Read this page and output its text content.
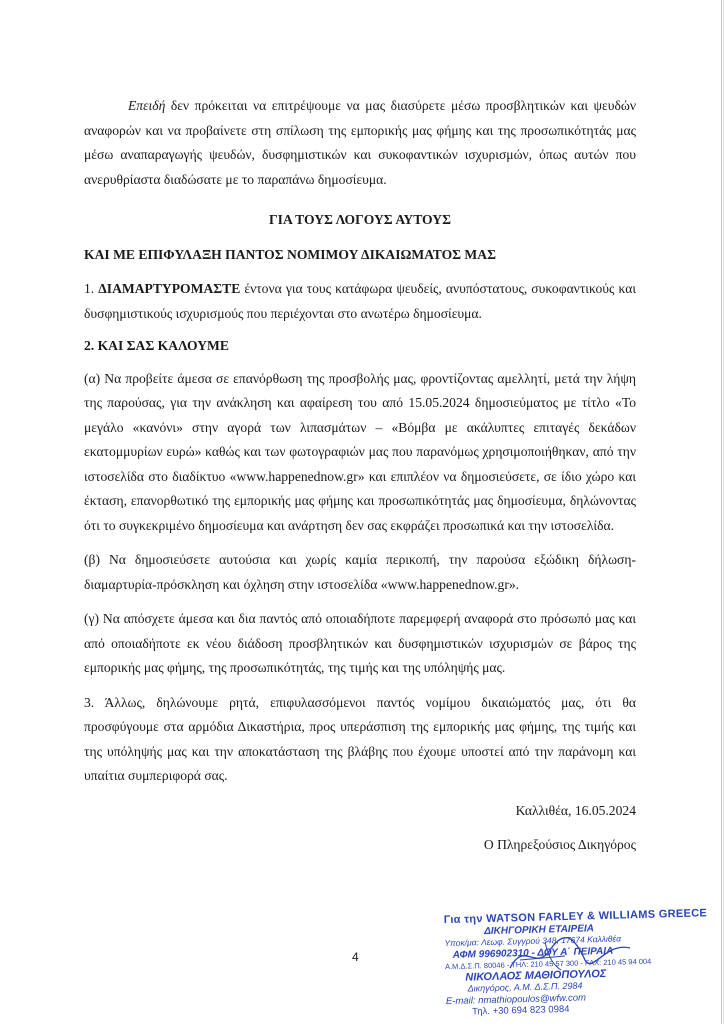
Επειδή δεν πρόκειται να επιτρέψουμε να μας διασύρετε μέσω προσβλητικών και ψευδών αναφορών και να προβαίνετε στη σπίλωση της εμπορικής μας φήμης και της προσωπικότητάς μας μέσω αναπαραγωγής ψευδών, δυσφημιστικών και συκοφαντικών ισχυρισμών, όπως αυτών που ανερυθρίαστα διαδώσατε με το παραπάνω δημοσίευμα.

ΓΙΑ ΤΟΥΣ ΛΟΓΟΥΣ ΑΥΤΟΥΣ

ΚΑΙ ΜΕ ΕΠΙΦΥΛΑΞΗ ΠΑΝΤΟΣ ΝΟΜΙΜΟΥ ΔΙΚΑΙΩΜΑΤΟΣ ΜΑΣ

1. ΔΙΑΜΑΡΤΥΡΟΜΑΣΤΕ έντονα για τους κατάφωρα ψευδείς, ανυπόστατους, συκοφαντικούς και δυσφημιστικούς ισχυρισμούς που περιέχονται στο ανωτέρω δημοσίευμα.

2. ΚΑΙ ΣΑΣ ΚΑΛΟΥΜΕ

(α) Να προβείτε άμεσα σε επανόρθωση της προσβολής μας, φροντίζοντας αμελλητί, μετά την λήψη της παρούσας, για την ανάκληση και αφαίρεση του από 15.05.2024 δημοσιεύματος με τίτλο «Το μεγάλο «κανόνι» στην αγορά των λιπασμάτων – «Βόμβα με ακάλυπτες επιταγές δεκάδων εκατομμυρίων ευρώ» καθώς και των φωτογραφιών μας που παρανόμως χρησιμοποιήθηκαν, από την ιστοσελίδα στο διαδίκτυο «www.happenednow.gr» και επιπλέον να δημοσιεύσετε, σε ίδιο χώρο και έκταση, επανορθωτικό της εμπορικής μας φήμης και προσωπικότητάς μας δημοσίευμα, δηλώνοντας ότι το συγκεκριμένο δημοσίευμα και ανάρτηση δεν σας εκφράζει προσωπικά και την ιστοσελίδα.

(β) Να δημοσιεύσετε αυτούσια και χωρίς καμία περικοπή, την παρούσα εξώδικη δήλωση-διαμαρτυρία-πρόσκληση και όχληση στην ιστοσελίδα «www.happenednow.gr».

(γ) Να απόσχετε άμεσα και δια παντός από οποιαδήποτε παρεμφερή αναφορά στο πρόσωπό μας και από οποιαδήποτε εκ νέου διάδοση προσβλητικών και δυσφημιστικών ισχυρισμών σε βάρος της εμπορικής μας φήμης, της προσωπικότητάς, της τιμής και της υπόληψής μας.

3. Άλλως, δηλώνουμε ρητά, επιφυλασσόμενοι παντός νομίμου δικαιώματός μας, ότι θα προσφύγουμε στα αρμόδια Δικαστήρια, προς υπεράσπιση της εμπορικής μας φήμης, της τιμής και της υπόληψής μας και την αποκατάσταση της βλάβης που έχουμε υποστεί από την παράνομη και υπαίτια συμπεριφορά σας.

Καλλιθέα, 16.05.2024

Ο Πληρεξούσιος Δικηγόρος

4
Για την WATSON FARLEY & WILLIAMS GREECE
ΔΙΚΗΓΟΡΙΚΗ ΕΤΑΙΡΕΙΑ
Υποκ/μα: Λεωφ. Συγγρού 348, 17674 Καλλιθέα
ΑΦΜ 996902310 - ΔΟΥ Α΄ ΠΕΙΡΑΙΑ
Α.Μ.Δ.Σ.Π. 80046 - ΤΗΛ: 210 45 57 300 - FAX: 210 45 94 004
ΝΙΚΟΛΑΟΣ ΜΑΘΙΟΠΟΥΛΟΣ
Δικηγόρος, Α.Μ. Δ.Σ.Π. 2984
E-mail: nmathiopoulos@wfw.com
Τηλ. +30 694 823 0984
